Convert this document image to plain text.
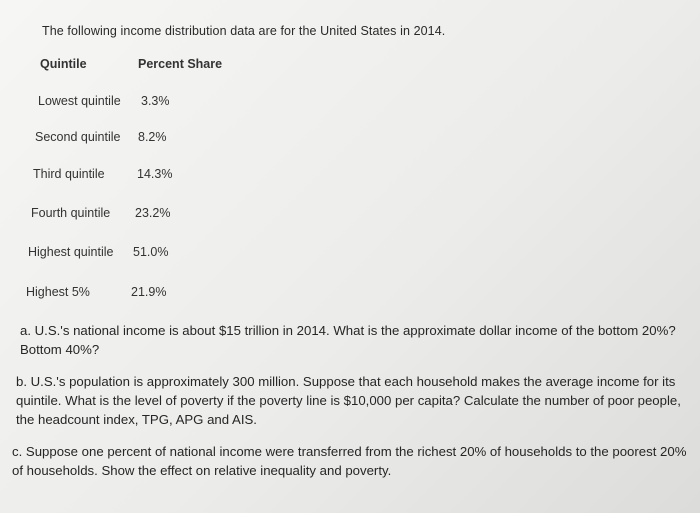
The following income distribution data are for the United States in 2014.
Quintile	Percent Share
Lowest quintile 3.3%
Second quintile 8.2%
Third quintile	14.3%
Fourth quintile 23.2%
Highest quintile 51.0%
Highest 5%	21.9%
a. U.S.'s national income is about $15 trillion in 2014. What is the approximate dollar income of the bottom 20%? Bottom 40%?
b. U.S.'s population is approximately 300 million. Suppose that each household makes the average income for its quintile. What is the level of poverty if the poverty line is $10,000 per capita? Calculate the number of poor people, the headcount index, TPG, APG and AIS.
c. Suppose one percent of national income were transferred from the richest 20% of households to the poorest 20% of households. Show the effect on relative inequality and poverty.
